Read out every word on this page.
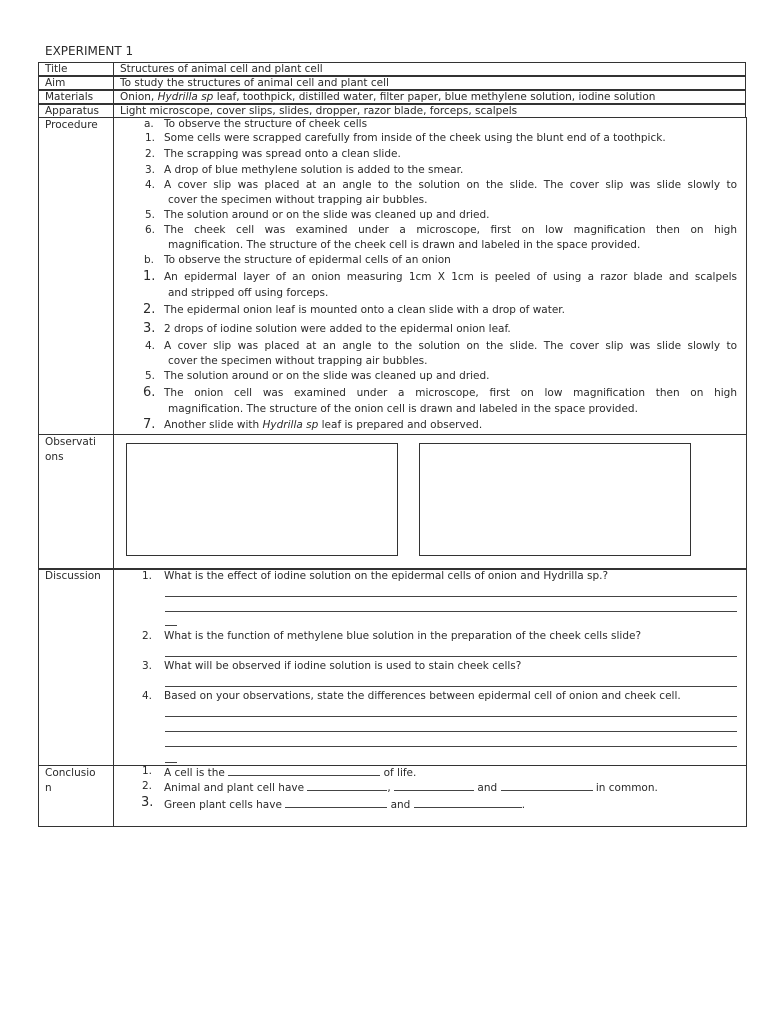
EXPERIMENT 1
Title	Structures of animal cell and plant cell
Aim	To study the structures of animal cell and plant cell
Materials	Onion, Hydrilla sp leaf, toothpick, distilled water, filter paper, blue methylene solution, iodine solution
Apparatus Light microscope, cover slips, slides, dropper, razor blade, forceps, scalpels
Procedure	a. To observe the structure of cheek cells
1. Some cells were scrapped carefully from inside of the cheek using the blunt end of a toothpick.
2. The scrapping was spread onto a clean slide.
3. A drop of blue methylene solution is added to the smear.
4. A cover slip was placed at an angle to the solution on the slide. The cover slip was slide slowly to
cover the specimen without trapping air bubbles.
5. The solution around or on the slide was cleaned up and dried.
6. The cheek cell was examined under a microscope, first on low magnification then on high
magnification. The structure of the cheek cell is drawn and labeled in the space provided.
b. To observe the structure of epidermal cells of an onion
1. An epidermal layer of an onion measuring 1cm X 1cm is peeled of using a razor blade and scalpels
and stripped off using forceps.
2. The epidermal onion leaf is mounted onto a clean slide with a drop of water.
3. 2 drops of iodine solution were added to the epidermal onion leaf.
4. A cover slip was placed at an angle to the solution on the slide. The cover slip was slide slowly to
cover the specimen without trapping air bubbles.
5. The solution around or on the slide was cleaned up and dried.
6. The onion cell was examined under a microscope, first on low magnification then on high
magnification. The structure of the onion cell is drawn and labeled in the space provided.
7. Another slide with Hydrilla sp leaf is prepared and observed.
Observati
ons
Discussion	1. What is the effect of iodine solution on the epidermal cells of onion and Hydrilla sp.?
2. What is the function of methylene blue solution in the preparation of the cheek cells slide?
3. What will be observed if iodine solution is used to stain cheek cells?
4. Based on your observations, state the differences between epidermal cell of onion and cheek cell.
Conclusio
n
1. A cell is the	of life.
2. Animal and plant cell have	,	and	in common.
3. Green plant cells have	and	.
